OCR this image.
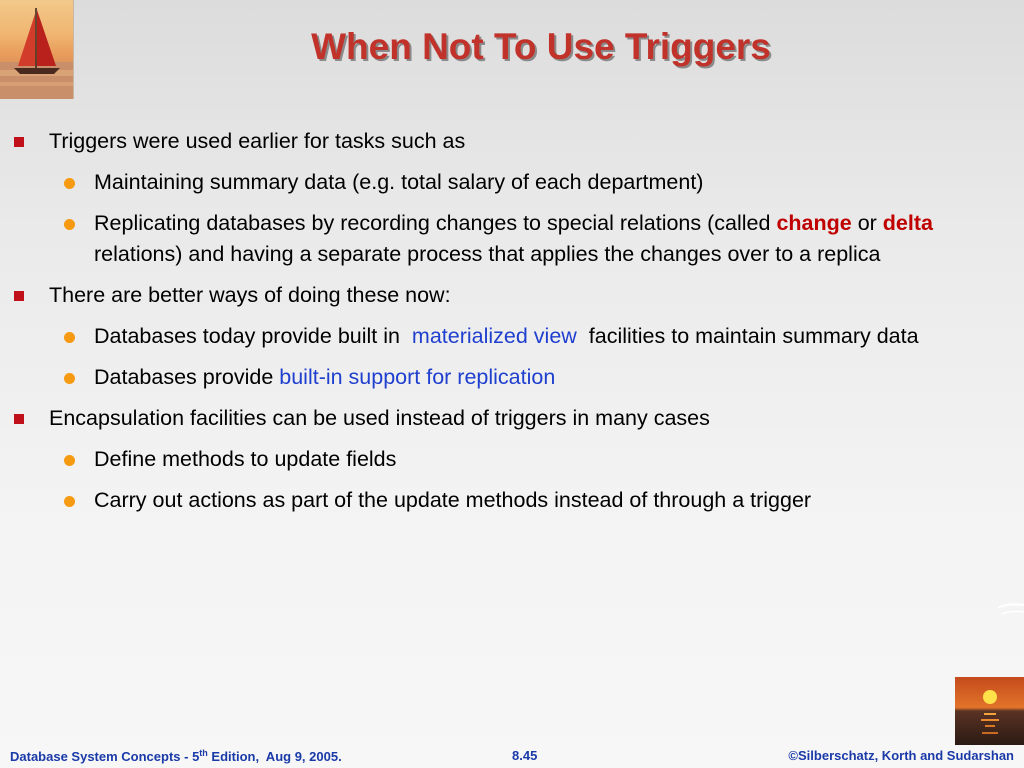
When Not To Use Triggers
Triggers were used earlier for tasks such as
Maintaining summary data (e.g. total salary of each department)
Replicating databases by recording changes to special relations (called change or delta relations) and having a separate process that applies the changes over to a replica
There are better ways of doing these now:
Databases today provide built in  materialized view  facilities to maintain summary data
Databases provide built-in support for replication
Encapsulation facilities can be used instead of triggers in many cases
Define methods to update fields
Carry out actions as part of the update methods instead of through a trigger
Database System Concepts - 5th Edition,  Aug 9, 2005.	8.45	©Silberschatz, Korth and Sudarshan
